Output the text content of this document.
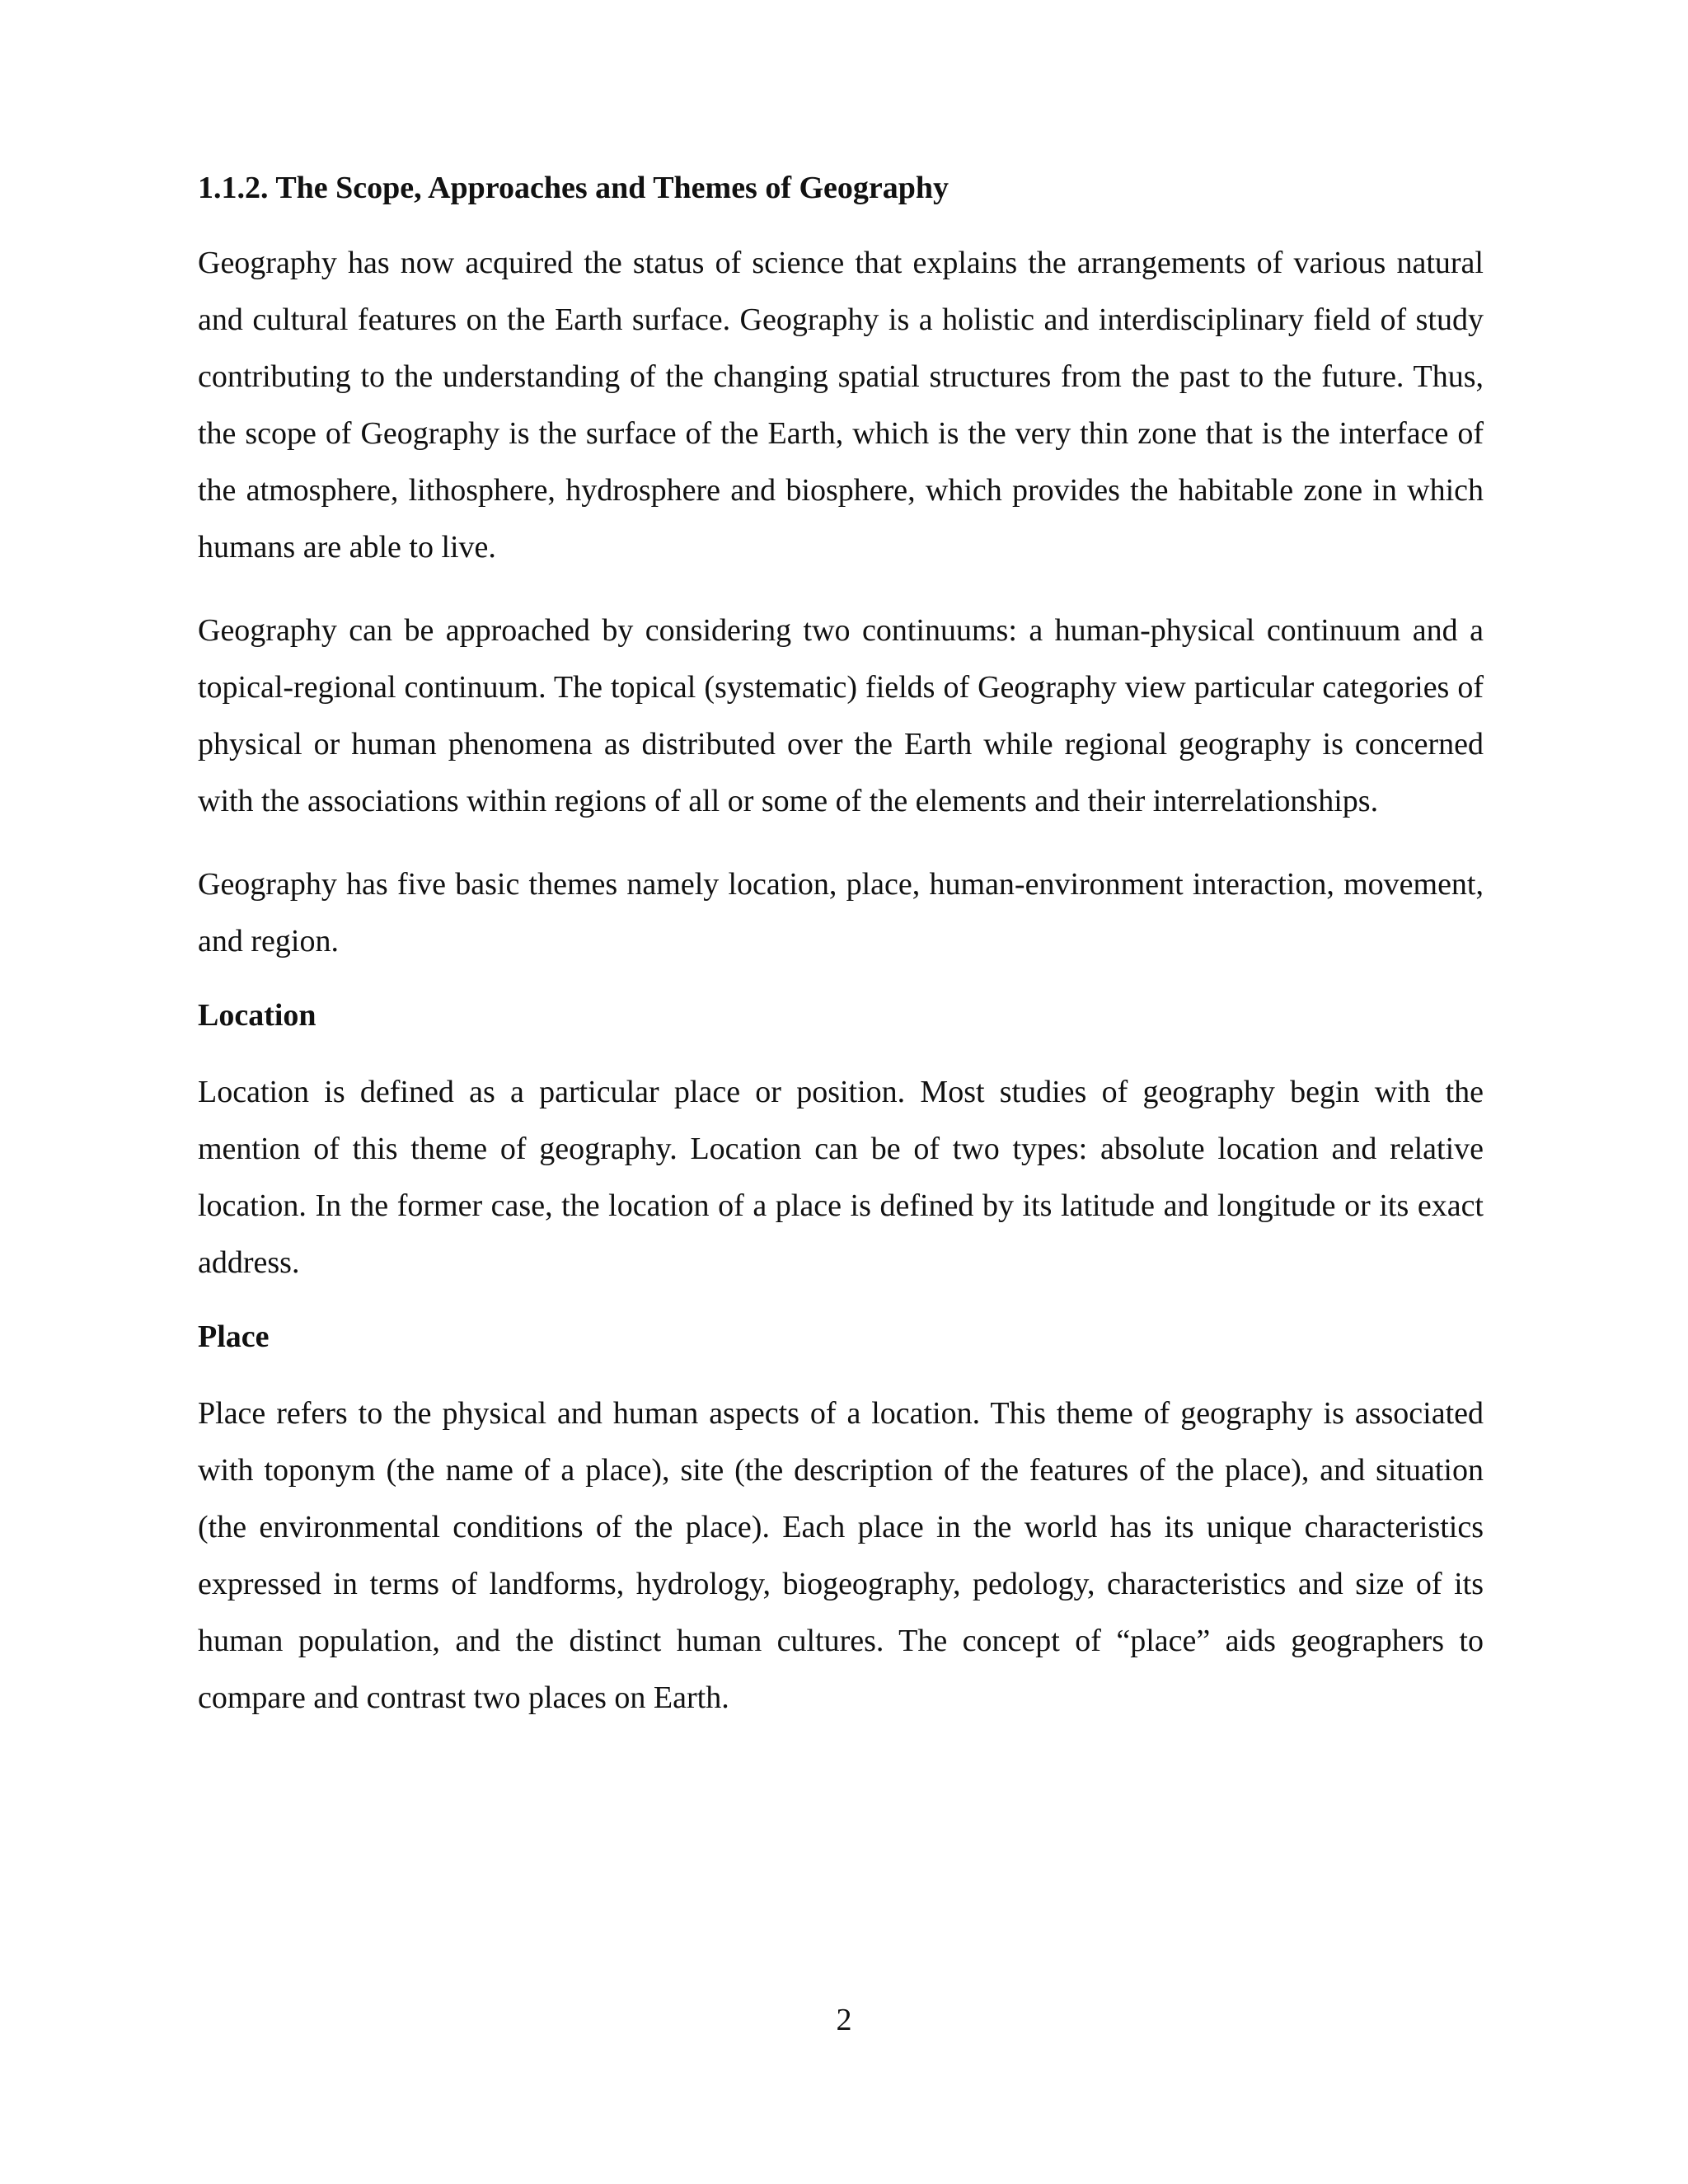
1.1.2. The Scope, Approaches and Themes of Geography

Geography has now acquired the status of science that explains the arrangements of various natural and cultural features on the Earth surface. Geography is a holistic and interdisciplinary field of study contributing to the understanding of the changing spatial structures from the past to the future. Thus, the scope of Geography is the surface of the Earth, which is the very thin zone that is the interface of the atmosphere, lithosphere, hydrosphere and biosphere, which provides the habitable zone in which humans are able to live.

Geography can be approached by considering two continuums: a human-physical continuum and a topical-regional continuum. The topical (systematic) fields of Geography view particular categories of physical or human phenomena as distributed over the Earth while regional geography is concerned with the associations within regions of all or some of the elements and their interrelationships.

Geography has five basic themes namely location, place, human-environment interaction, movement, and region.

Location

Location is defined as a particular place or position. Most studies of geography begin with the mention of this theme of geography. Location can be of two types: absolute location and relative location. In the former case, the location of a place is defined by its latitude and longitude or its exact address.

Place

Place refers to the physical and human aspects of a location. This theme of geography is associated with toponym (the name of a place), site (the description of the features of the place), and situation (the environmental conditions of the place). Each place in the world has its unique characteristics expressed in terms of landforms, hydrology, biogeography, pedology, characteristics and size of its human population, and the distinct human cultures. The concept of “place” aids geographers to compare and contrast two places on Earth.

2
